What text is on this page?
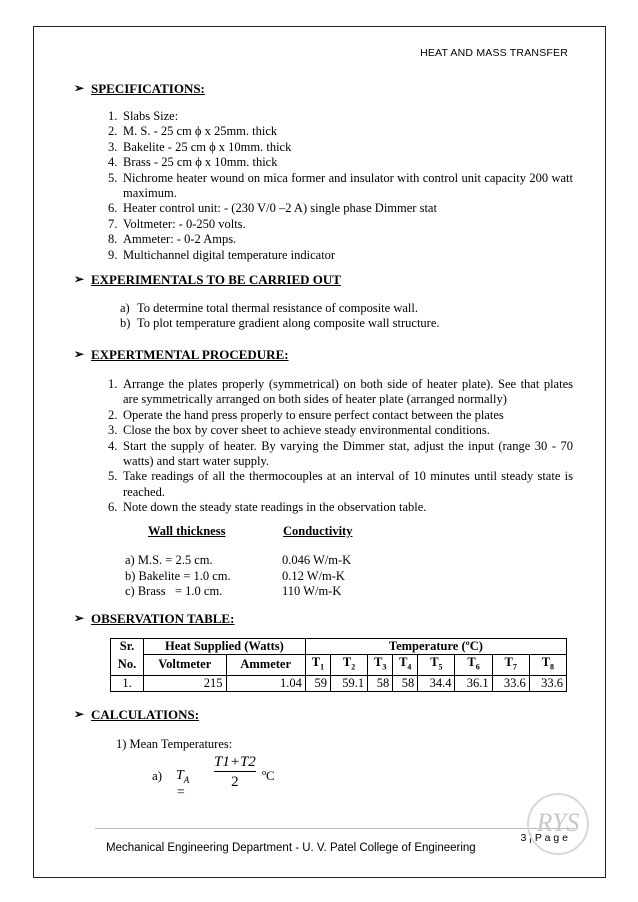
HEAT AND MASS TRANSFER
➢ SPECIFICATIONS:
1. Slabs Size:
2. M. S. - 25 cm ϕ x 25mm. thick
3. Bakelite - 25 cm ϕ x 10mm. thick
4. Brass - 25 cm ϕ x 10mm. thick
5. Nichrome heater wound on mica former and insulator with control unit capacity 200 watt maximum.
6. Heater control unit: - (230 V/0 –2 A) single phase Dimmer stat
7. Voltmeter: - 0-250 volts.
8. Ammeter: - 0-2 Amps.
9. Multichannel digital temperature indicator
➢ EXPERIMENTALS TO BE CARRIED OUT
a) To determine total thermal resistance of composite wall.
b) To plot temperature gradient along composite wall structure.
➢ EXPERTMENTAL PROCEDURE:
1. Arrange the plates properly (symmetrical) on both side of heater plate). See that plates are symmetrically arranged on both sides of heater plate (arranged normally)
2. Operate the hand press properly to ensure perfect contact between the plates
3. Close the box by cover sheet to achieve steady environmental conditions.
4. Start the supply of heater. By varying the Dimmer stat, adjust the input (range 30 - 70 watts) and start water supply.
5. Take readings of all the thermocouples at an interval of 10 minutes until steady state is reached.
6. Note down the steady state readings in the observation table.
Wall thickness	Conductivity
a) M.S. = 2.5 cm.	0.046 W/m-K
b) Bakelite = 1.0 cm.	0.12 W/m-K
c) Brass   = 1.0 cm.	110 W/m-K
➢ OBSERVATION TABLE:
Sr.	Heat Supplied (Watts)		Temperature (ºC)							
No.	Voltmeter	Ammeter	$T_1$	$T_2$	$T_3$	$T_4$	$T_5$	$T_6$	$T_7$	$T_8$
1.	215	1.04	59	59.1	58	58	34.4	36.1	33.6	33.6
➢ CALCULATIONS:
1) Mean Temperatures:
a) $T_A$ =
$\frac{T1+T2}{2}$ ºC
3 | P a g e
Mechanical Engineering Department - U. V. Patel College of Engineering
RYS
